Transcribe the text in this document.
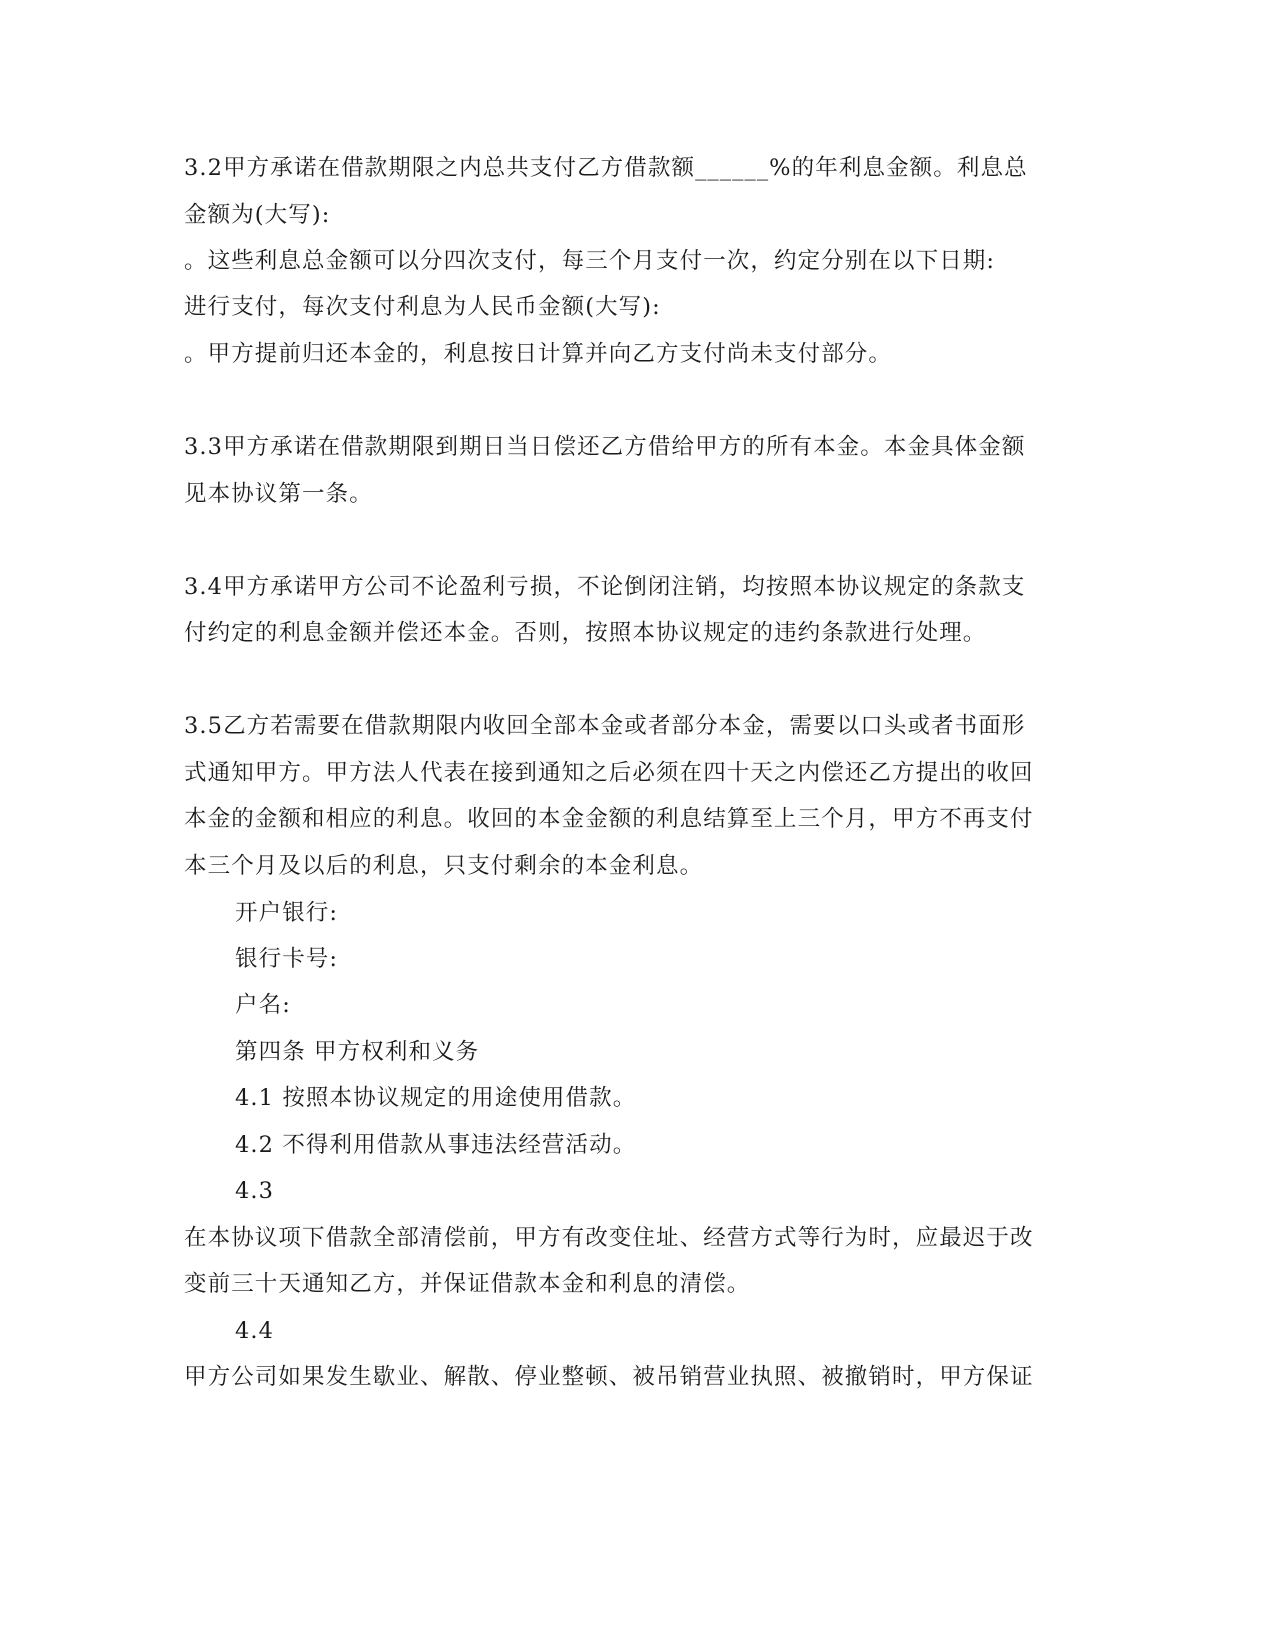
3.2甲方承诺在借款期限之内总共支付乙方借款额______%的年利息金额。利息总
金额为(大写):
。这些利息总金额可以分四次支付，每三个月支付一次，约定分别在以下日期:
进行支付，每次支付利息为人民币金额(大写):
。甲方提前归还本金的，利息按日计算并向乙方支付尚未支付部分。
3.3甲方承诺在借款期限到期日当日偿还乙方借给甲方的所有本金。本金具体金额
见本协议第一条。
3.4甲方承诺甲方公司不论盈利亏损，不论倒闭注销，均按照本协议规定的条款支
付约定的利息金额并偿还本金。否则，按照本协议规定的违约条款进行处理。
3.5乙方若需要在借款期限内收回全部本金或者部分本金，需要以口头或者书面形
式通知甲方。甲方法人代表在接到通知之后必须在四十天之内偿还乙方提出的收回
本金的金额和相应的利息。收回的本金金额的利息结算至上三个月，甲方不再支付
本三个月及以后的利息，只支付剩余的本金利息。
开户银行:
银行卡号:
户名:
第四条 甲方权利和义务
4.1 按照本协议规定的用途使用借款。
4.2 不得利用借款从事违法经营活动。
4.3
在本协议项下借款全部清偿前，甲方有改变住址、经营方式等行为时，应最迟于改
变前三十天通知乙方，并保证借款本金和利息的清偿。
4.4
甲方公司如果发生歇业、解散、停业整顿、被吊销营业执照、被撤销时，甲方保证
